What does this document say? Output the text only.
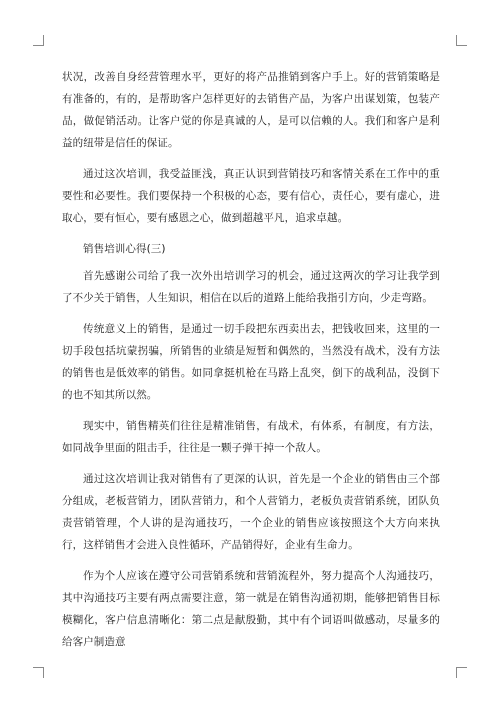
状况，改善自身经营管理水平，更好的将产品推销到客户手上。好的营销策略是有准备的，有的，是帮助客户怎样更好的去销售产品，为客户出谋划策，包装产品，做促销活动。让客户觉的你是真诚的人，是可以信赖的人。我们和客户是利益的纽带是信任的保证。

通过这次培训，我受益匪浅，真正认识到营销技巧和客情关系在工作中的重要性和必要性。我们要保持一个积极的心态，要有信心，责任心，要有虚心，进取心，要有恒心，要有感恩之心，做到超越平凡，追求卓越。

销售培训心得(三)

首先感谢公司给了我一次外出培训学习的机会，通过这两次的学习让我学到了不少关于销售，人生知识，相信在以后的道路上能给我指引方向，少走弯路。

传统意义上的销售，是通过一切手段把东西卖出去，把钱收回来，这里的一切手段包括坑蒙拐骗，所销售的业绩是短暂和偶然的，当然没有战术，没有方法的销售也是低效率的销售。如同拿挺机枪在马路上乱突，倒下的战利品，没倒下的也不知其所以然。

现实中，销售精英们往往是精准销售，有战术，有体系，有制度，有方法，如同战争里面的阻击手，往往是一颗子弹干掉一个敌人。

通过这次培训让我对销售有了更深的认识，首先是一个企业的销售由三个部分组成，老板营销力，团队营销力，和个人营销力，老板负责营销系统，团队负责营销管理，个人讲的是沟通技巧，一个企业的销售应该按照这个大方向来执行，这样销售才会进入良性循环，产品销得好，企业有生命力。

作为个人应该在遵守公司营销系统和营销流程外，努力提高个人沟通技巧，其中沟通技巧主要有两点需要注意，第一就是在销售沟通初期，能够把销售目标模糊化，客户信息清晰化：第二点是献殷勤，其中有个词语叫做感动，尽量多的给客户制造意
